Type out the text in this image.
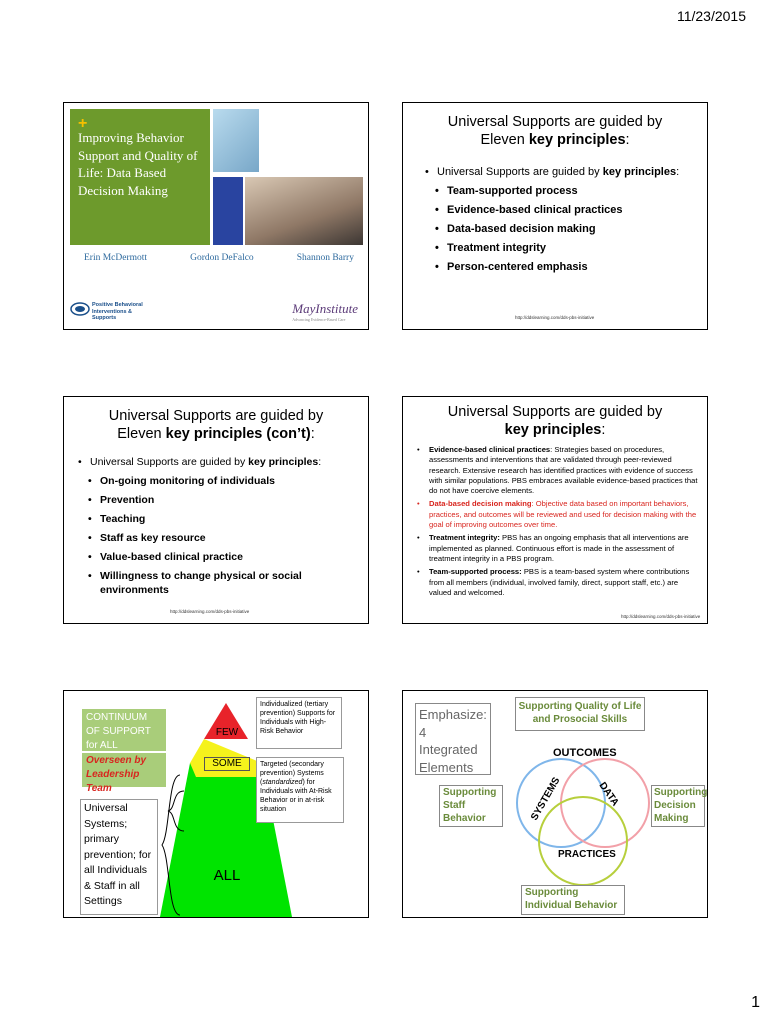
11/23/2015
+
Improving Behavior Support and Quality of Life: Data Based Decision Making
Erin McDermott	Gordon DeFalco	Shannon Barry
Positive Behavioral
Interventions & Supports
MayInstitute
Advancing Evidence-Based Care
Universal Supports are guided by
Eleven key principles:
• Universal Supports are guided by key principles:
• Team-supported process
• Evidence-based clinical practices
• Data-based decision making
• Treatment integrity
• Person-centered emphasis
http://ddslearning.com/dds-pbs-initiative
Universal Supports are guided by
Eleven key principles (con’t):
• Universal Supports are guided by key principles:
• On-going monitoring of individuals
• Prevention
• Teaching
• Staff as key resource
• Value-based clinical practice
• Willingness to change physical or social environments
http://ddslearning.com/dds-pbs-initiative
Universal Supports are guided by
key principles:
• Evidence-based clinical practices: Strategies based on procedures, assessments and interventions that are validated through peer-reviewed research. Extensive research has identified practices with evidence of success with similar populations. PBS embraces available evidence-based practices that do not have coercive elements.
• Data-based decision making: Objective data based on important behaviors, practices, and outcomes will be reviewed and used for decision making with the goal of improving outcomes over time.
• Treatment integrity: PBS has an ongoing emphasis that all interventions are implemented as planned. Continuous effort is made in the assessment of treatment integrity in a PBS program.
• Team-supported process: PBS is a team-based system where contributions from all members (individual, involved family, direct, support staff, etc.) are valued and welcomed.
http://ddslearning.com/dds-pbs-initiative
CONTINUUM OF SUPPORT for ALL
Overseen by Leadership Team
Universal Systems; primary prevention; for all Individuals & Staff in all Settings
FEW
SOME
ALL
Individualized (tertiary prevention) Supports for Individuals with High-Risk Behavior
Targeted (secondary prevention) Systems (standardized) for Individuals with At-Risk Behavior or in at-risk situation
Emphasize: 4 Integrated Elements
Supporting Quality of Life and Prosocial Skills
OUTCOMES
SYSTEMS	DATA
PRACTICES
Supporting Staff Behavior
Supporting Decision Making
Supporting Individual Behavior
1
